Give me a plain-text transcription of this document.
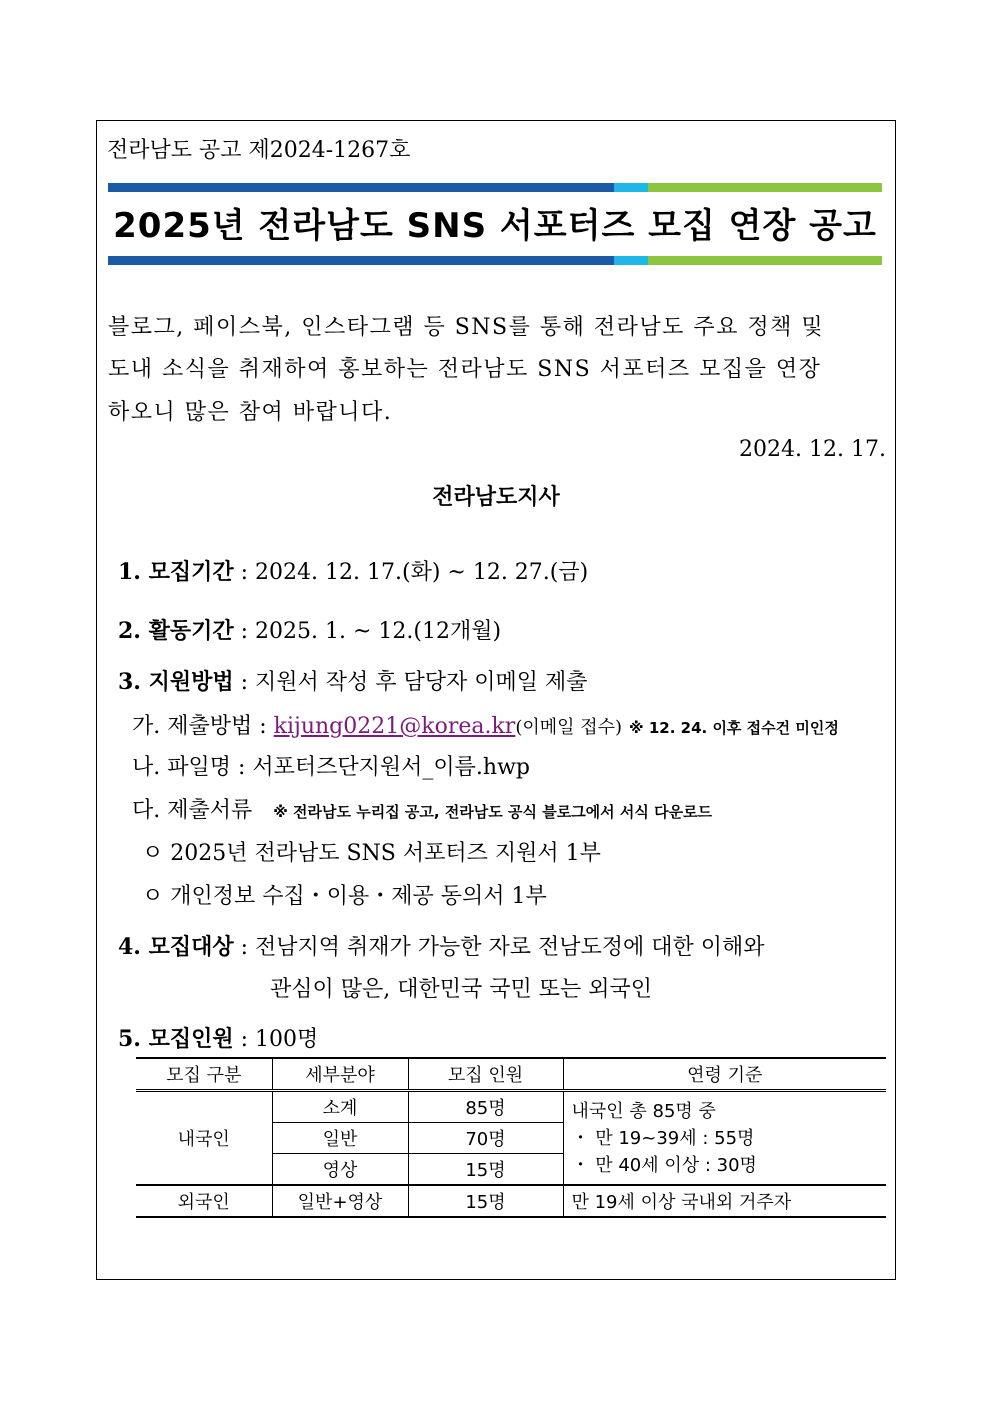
전라남도 공고 제2024-1267호
2025년 전라남도 SNS 서포터즈 모집 연장 공고
블로그, 페이스북, 인스타그램 등 SNS를 통해 전라남도 주요 정책 및
도내 소식을 취재하여 홍보하는 전라남도 SNS 서포터즈 모집을 연장
하오니 많은 참여 바랍니다.
2024. 12. 17.
전라남도지사
1. 모집기간 : 2024. 12. 17.(화) ~ 12. 27.(금)
2. 활동기간 : 2025. 1. ~ 12.(12개월)
3. 지원방법 : 지원서 작성 후 담당자 이메일 제출
가. 제출방법 : kijung0221@korea.kr(이메일 접수) ※ 12. 24. 이후 접수건 미인정
나. 파일명 : 서포터즈단지원서_이름.hwp
다. 제출서류 ※ 전라남도 누리집 공고, 전라남도 공식 블로그에서 서식 다운로드
ㅇ 2025년 전라남도 SNS 서포터즈 지원서 1부
ㅇ 개인정보 수집・이용・제공 동의서 1부
4. 모집대상 : 전남지역 취재가 가능한 자로 전남도정에 대한 이해와
관심이 많은, 대한민국 국민 또는 외국인
5. 모집인원 : 100명
모집 구분	세부분야	모집 인원	연령 기준
내국인	소계	85명	내국인 총 85명 중
・ 만 19~39세 : 55명
・ 만 40세 이상 : 30명

	일반	70명	
	영상	15명	
외국인	일반+영상	15명	만 19세 이상 국내외 거주자
